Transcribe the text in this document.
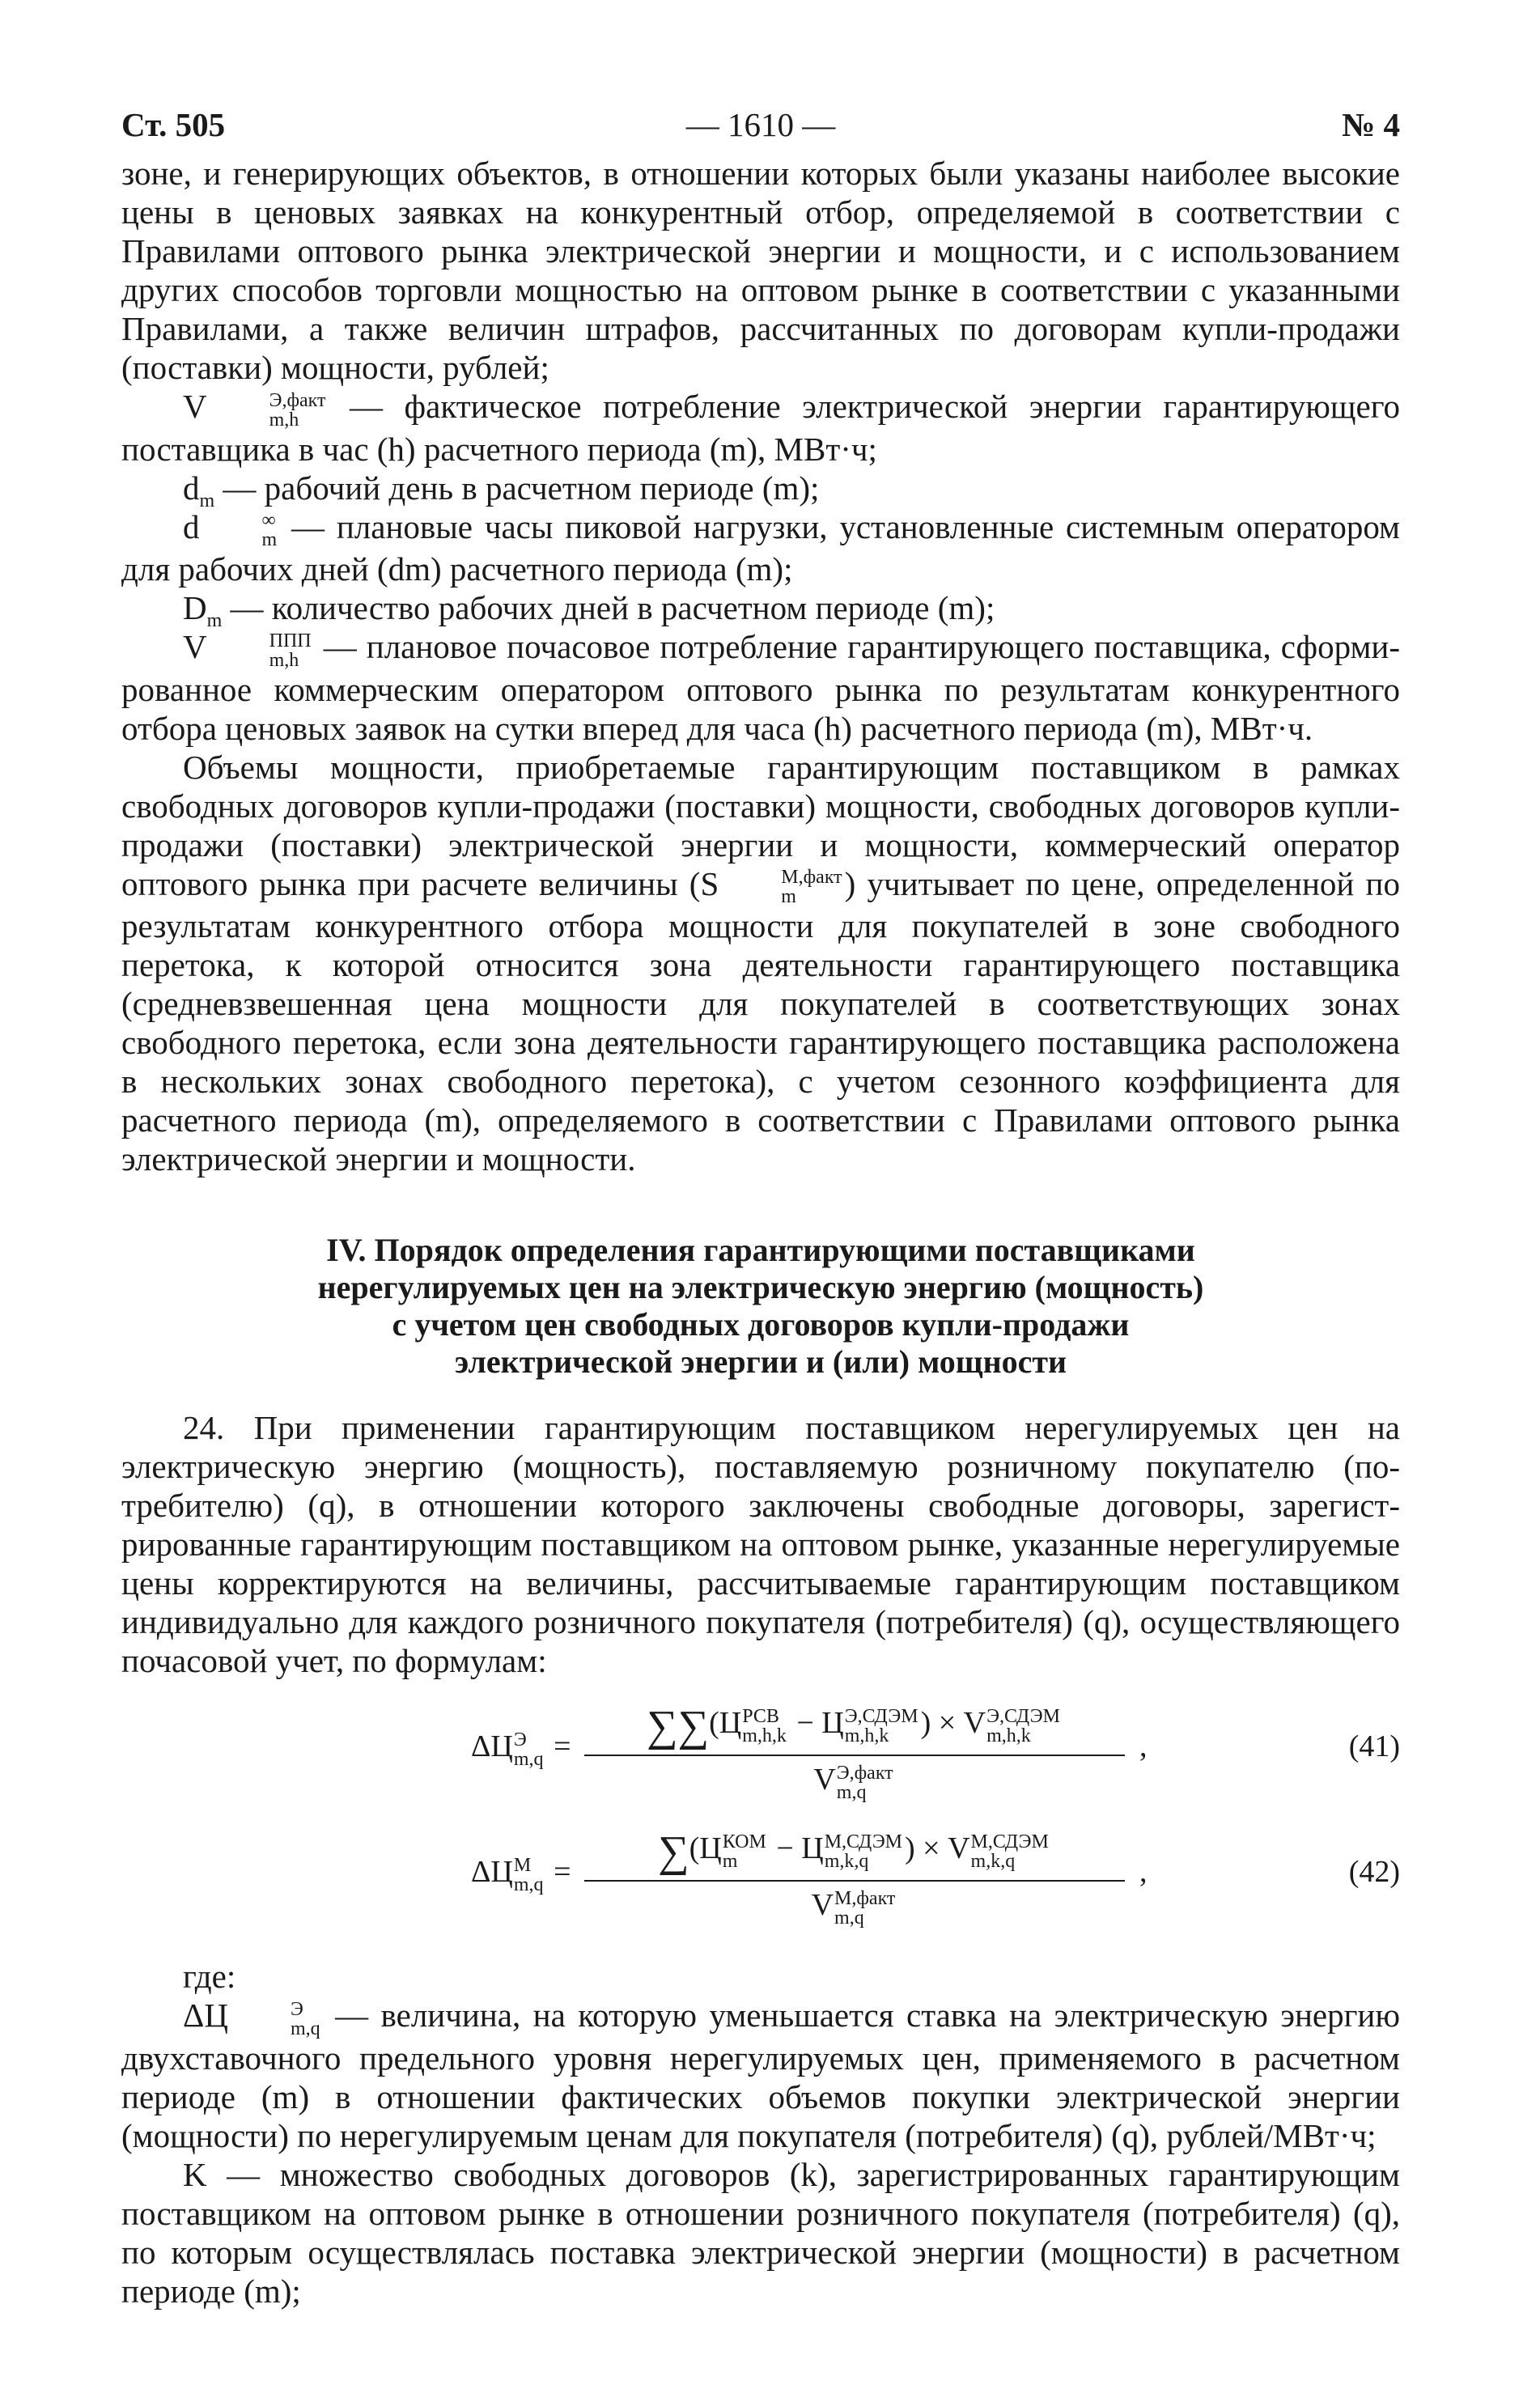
Ст. 505	— 1610 —	№ 4

зоне, и генерирующих объектов, в отношении которых были указаны наиболее высокие цены в ценовых заявках на конкурентный отбор, определяемой в соответствии с Правилами оптового рынка электрической энергии и мощности, и с использованием других способов торговли мощностью на оптовом рынке в соответствии с указанными Правилами, а также величин штрафов, рассчитанных по договорам купли-продажи (поставки) мощности, рублей;

V	Э,факт
m,h	— фактическое потребление электрической энергии гарантирующего поставщика в час (h) расчетного периода (m), МВт·ч;

$d_m$ — рабочий день в расчетном периоде (m);

d	∞
m — плановые часы пиковой нагрузки, установленные системным оператором для рабочих дней (dm) расчетного периода (m);

$D_m$ — количество рабочих дней в расчетном периоде (m);

V	ППП
m,h — плановое почасовое потребление гарантирующего поставщика, сформированное коммерческим оператором оптового рынка по результатам конкурентного отбора ценовых заявок на сутки вперед для часа (h) расчетного периода (m), МВт·ч.

Объемы мощности, приобретаемые гарантирующим поставщиком в рамках свободных договоров купли-продажи (поставки) мощности, свободных договоров купли-продажи (поставки) электрической энергии и мощности, коммерческий оператор оптового рынка при расчете величины (S	М,факт
m	) учитывает по цене, определенной по результатам конкурентного отбора мощности для покупателей в зоне свободного перетока, к которой относится зона деятельности гарантирующего поставщика (средневзвешенная цена мощности для покупателей в соответствующих зонах свободного перетока, если зона деятельности гарантирующего поставщика расположена в нескольких зонах свободного перетока), с учетом сезонного коэффициента для расчетного периода (m), определяемого в соответствии с Правилами оптового рынка электрической энергии и мощности.

IV. Порядок определения гарантирующими поставщиками
нерегулируемых цен на электрическую энергию (мощность)
с учетом цен свободных договоров купли-продажи
электрической энергии и (или) мощности

24. При применении гарантирующим поставщиком нерегулируемых цен на электрическую энергию (мощность), поставляемую розничному покупателю (потребителю) (q), в отношении которого заключены свободные договоры, зарегистрированные гарантирующим поставщиком на оптовом рынке, указанные нерегулируемые цены корректируются на величины, рассчитываемые гарантирующим поставщиком индивидуально для каждого розничного покупателя (потребителя) (q), осуществляющего почасовой учет, по формулам:

ΔЦ Э
m,q =	∑∑(Ц РСВ
m,h,k − Ц Э,СДЭМ
m,h,k	) × V Э,СДЭМ
m,h,k
V Э,факт
m,q
,	(41)
ΔЦ М
m,q =	∑(Ц КОМ
m	− Ц М,СДЭМ
m,k,q	) × V М,СДЭМ
m,k,q
V М,факт
m,q
,	(42)

где:

ΔЦ	Э
m,q — величина, на которую уменьшается ставка на электрическую энергию двухставочного предельного уровня нерегулируемых цен, применяемого в расчетном периоде (m) в отношении фактических объемов покупки электрической энергии (мощности) по нерегулируемым ценам для покупателя (потребителя) (q), рублей/МВт·ч;

K — множество свободных договоров (k), зарегистрированных гарантирующим поставщиком на оптовом рынке в отношении розничного покупателя (потребителя) (q), по которым осуществлялась поставка электрической энергии (мощности) в расчетном периоде (m);
